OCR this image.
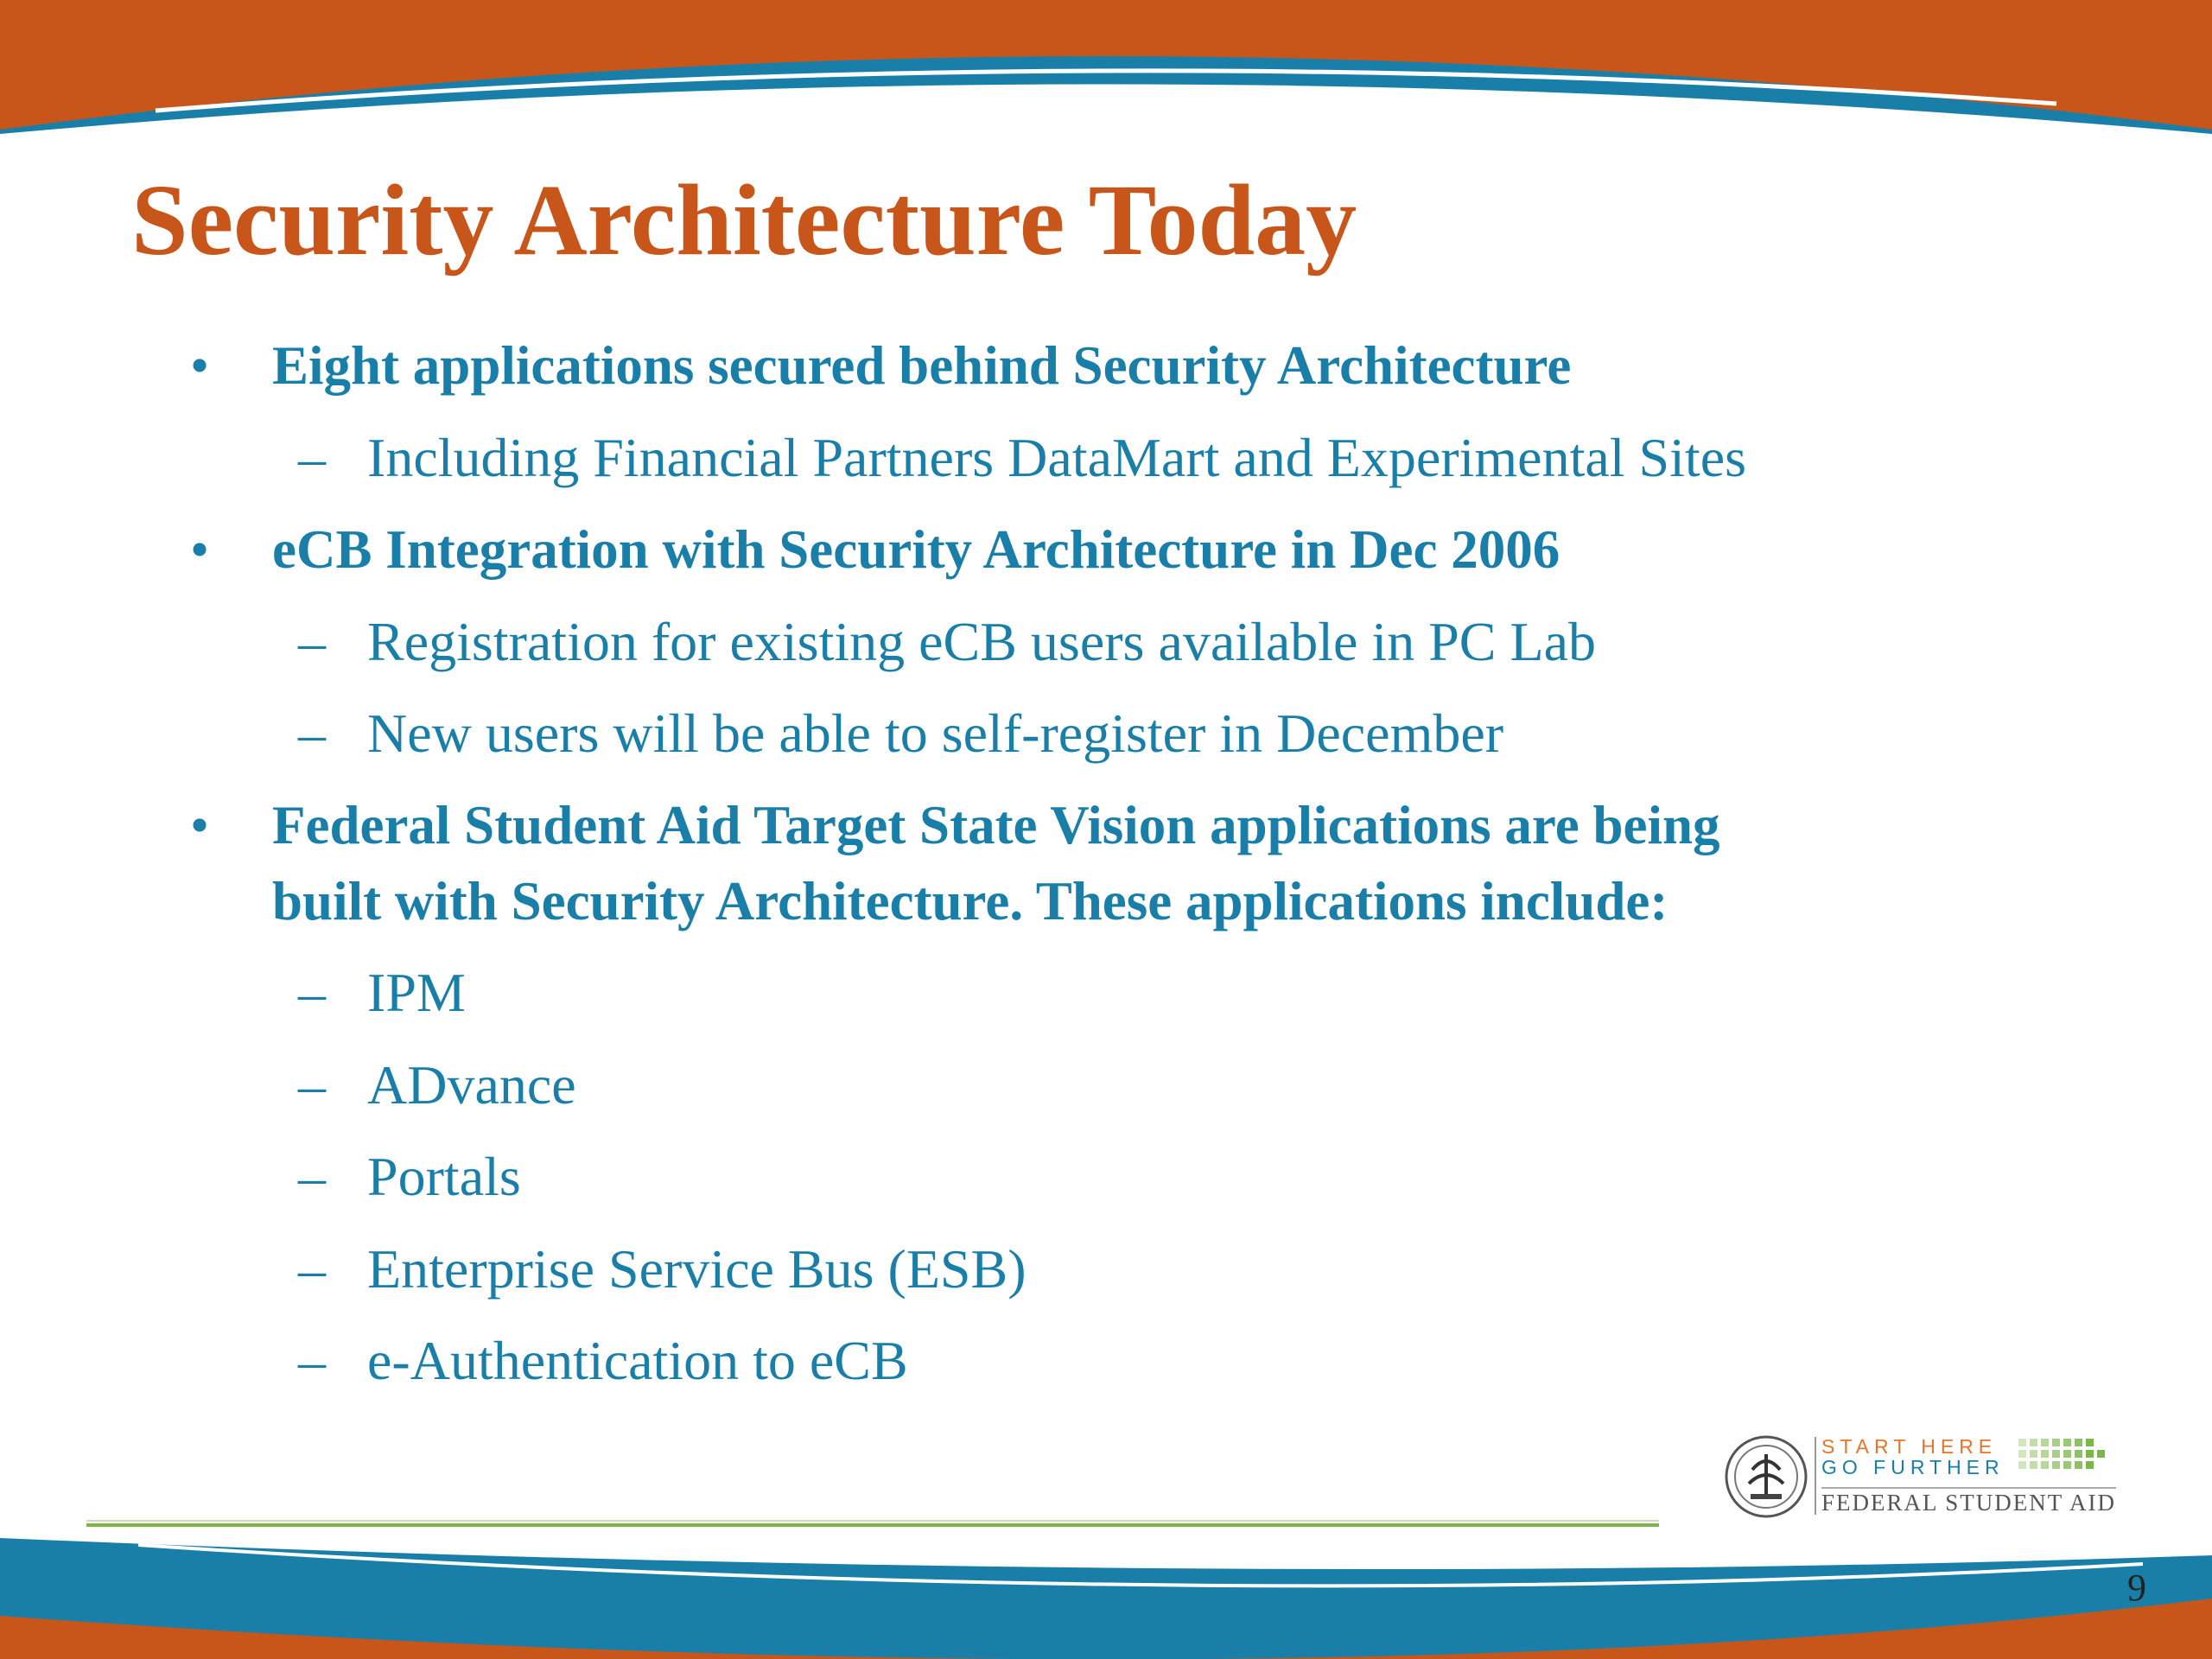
Security Architecture Today
• Eight applications secured behind Security Architecture
– Including Financial Partners DataMart and Experimental Sites
• eCB Integration with Security Architecture in Dec 2006
– Registration for existing eCB users available in PC Lab
– New users will be able to self-register in December
• Federal Student Aid Target State Vision applications are being
built with Security Architecture. These applications include:
– IPM
– ADvance
– Portals
– Enterprise Service Bus (ESB)
– e-Authentication to eCB
START HERE
GO FURTHER
FEDERAL STUDENT AID
9
